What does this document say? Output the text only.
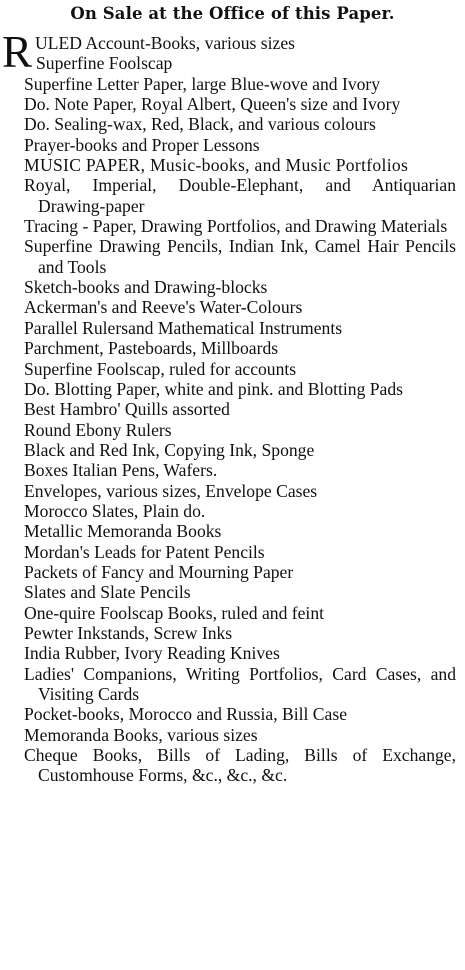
On Sale at the Office of this Paper.
R ULED Account-Books, various sizes
Superfine Foolscap
Superfine Letter Paper, large Blue-wove and Ivory
Do. Note Paper, Royal Albert, Queen's size and Ivory
Do. Sealing-wax, Red, Black, and various colours
Prayer-books and Proper Lessons
MUSIC PAPER, Music-books, and Music Portfolios
Royal, Imperial, Double-Elephant, and Antiquarian Drawing-paper
Tracing - Paper, Drawing Portfolios, and Drawing Materials
Superfine Drawing Pencils, Indian Ink, Camel Hair Pencils and Tools
Sketch-books and Drawing-blocks
Ackerman's and Reeve's Water-Colours
Parallel Rulersand Mathematical Instruments
Parchment, Pasteboards, Millboards
Superfine Foolscap, ruled for accounts
Do. Blotting Paper, white and pink. and Blotting Pads
Best Hambro' Quills assorted
Round Ebony Rulers
Black and Red Ink, Copying Ink, Sponge
Boxes Italian Pens, Wafers.
Envelopes, various sizes, Envelope Cases
Morocco Slates, Plain do.
Metallic Memoranda Books
Mordan's Leads for Patent Pencils
Packets of Fancy and Mourning Paper
Slates and Slate Pencils
One-quire Foolscap Books, ruled and feint
Pewter Inkstands, Screw Inks
India Rubber, Ivory Reading Knives
Ladies' Companions, Writing Portfolios, Card Cases, and Visiting Cards
Pocket-books, Morocco and Russia, Bill Case
Memoranda Books, various sizes
Cheque Books, Bills of Lading, Bills of Exchange, Customhouse Forms, &c., &c., &c.
